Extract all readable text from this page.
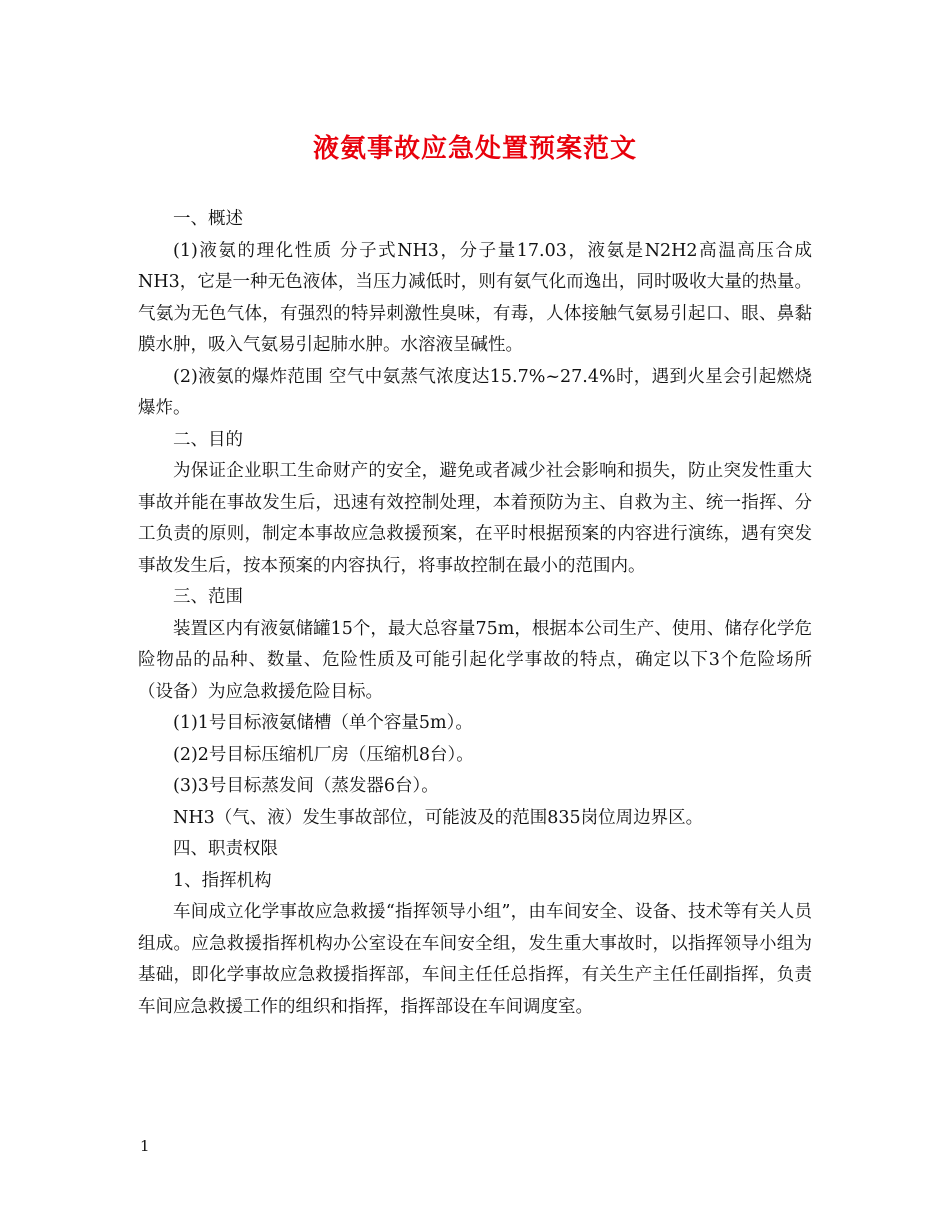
液氨事故应急处置预案范文

一、概述

(1)液氨的理化性质 分子式NH3，分子量17.03，液氨是N2H2高温高压合成NH3，它是一种无色液体，当压力减低时，则有氨气化而逸出，同时吸收大量的热量。气氨为无色气体，有强烈的特异刺激性臭味，有毒，人体接触气氨易引起口、眼、鼻黏膜水肿，吸入气氨易引起肺水肿。水溶液呈碱性。

(2)液氨的爆炸范围 空气中氨蒸气浓度达15.7%~27.4%时，遇到火星会引起燃烧爆炸。

二、目的

为保证企业职工生命财产的安全，避免或者减少社会影响和损失，防止突发性重大事故并能在事故发生后，迅速有效控制处理，本着预防为主、自救为主、统一指挥、分工负责的原则，制定本事故应急救援预案，在平时根据预案的内容进行演练，遇有突发事故发生后，按本预案的内容执行，将事故控制在最小的范围内。

三、范围

装置区内有液氨储罐15个，最大总容量75m，根据本公司生产、使用、储存化学危险物品的品种、数量、危险性质及可能引起化学事故的特点，确定以下3个危险场所（设备）为应急救援危险目标。

(1)1号目标液氨储槽（单个容量5m）。

(2)2号目标压缩机厂房（压缩机8台）。

(3)3号目标蒸发间（蒸发器6台）。

NH3（气、液）发生事故部位，可能波及的范围835岗位周边界区。

四、职责权限

1、指挥机构

车间成立化学事故应急救援“指挥领导小组”，由车间安全、设备、技术等有关人员组成。应急救援指挥机构办公室设在车间安全组，发生重大事故时，以指挥领导小组为基础，即化学事故应急救援指挥部，车间主任任总指挥，有关生产主任任副指挥，负责车间应急救援工作的组织和指挥，指挥部设在车间调度室。

1
